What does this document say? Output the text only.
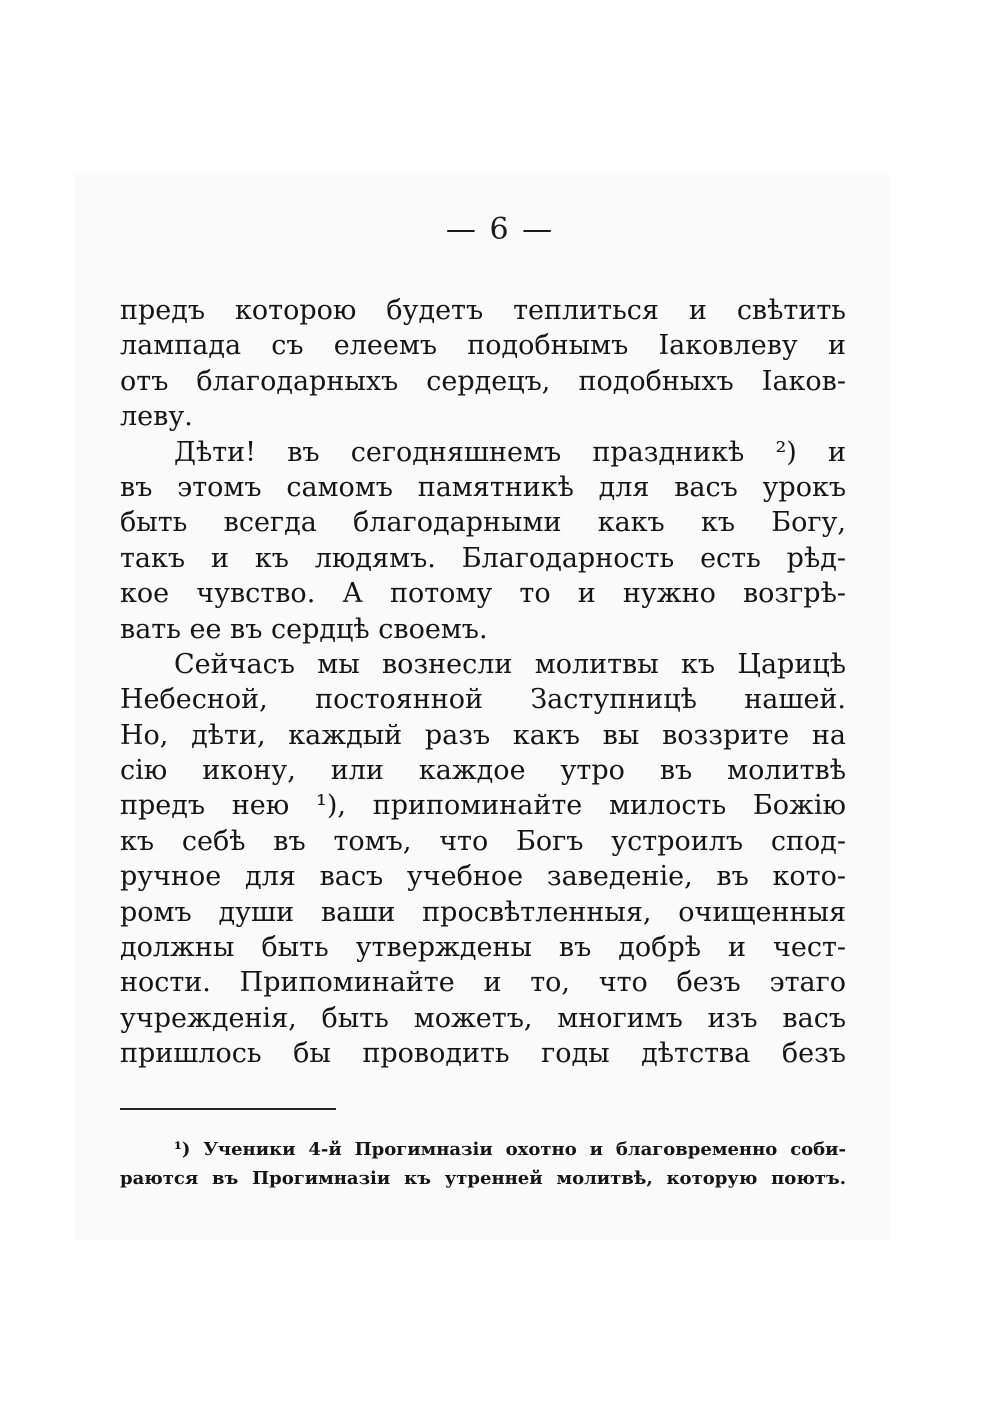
— 6 —
предъ которою будетъ теплиться и свѣтить
лампада съ елеемъ подобнымъ Іаковлеву и
отъ благодарныхъ сердецъ, подобныхъ Іаков-
леву.
Дѣти! въ сегодняшнемъ праздникѣ ²) и
въ этомъ самомъ памятникѣ для васъ урокъ
быть всегда благодарными какъ къ Богу,
такъ и къ людямъ. Благодарность есть рѣд-
кое чувство. А потому то и нужно возгрѣ-
вать ее въ сердцѣ своемъ.
Сейчасъ мы вознесли молитвы къ Царицѣ
Небесной, постоянной Заступницѣ нашей.
Но, дѣти, каждый разъ какъ вы воззрите на
сію икону, или каждое утро въ молитвѣ
предъ нею ¹), припоминайте милость Божію
къ себѣ въ томъ, что Богъ устроилъ спод-
ручное для васъ учебное заведеніе, въ кото-
ромъ души ваши просвѣтленныя, очищенныя
должны быть утверждены въ добрѣ и чест-
ности. Припоминайте и то, что безъ этаго
учрежденія, быть можетъ, многимъ изъ васъ
пришлось бы проводить годы дѣтства безъ
¹) Ученики 4-й Прогимназіи охотно и благовременно соби-
раются въ Прогимназіи къ утренней молитвѣ, которую поютъ.
